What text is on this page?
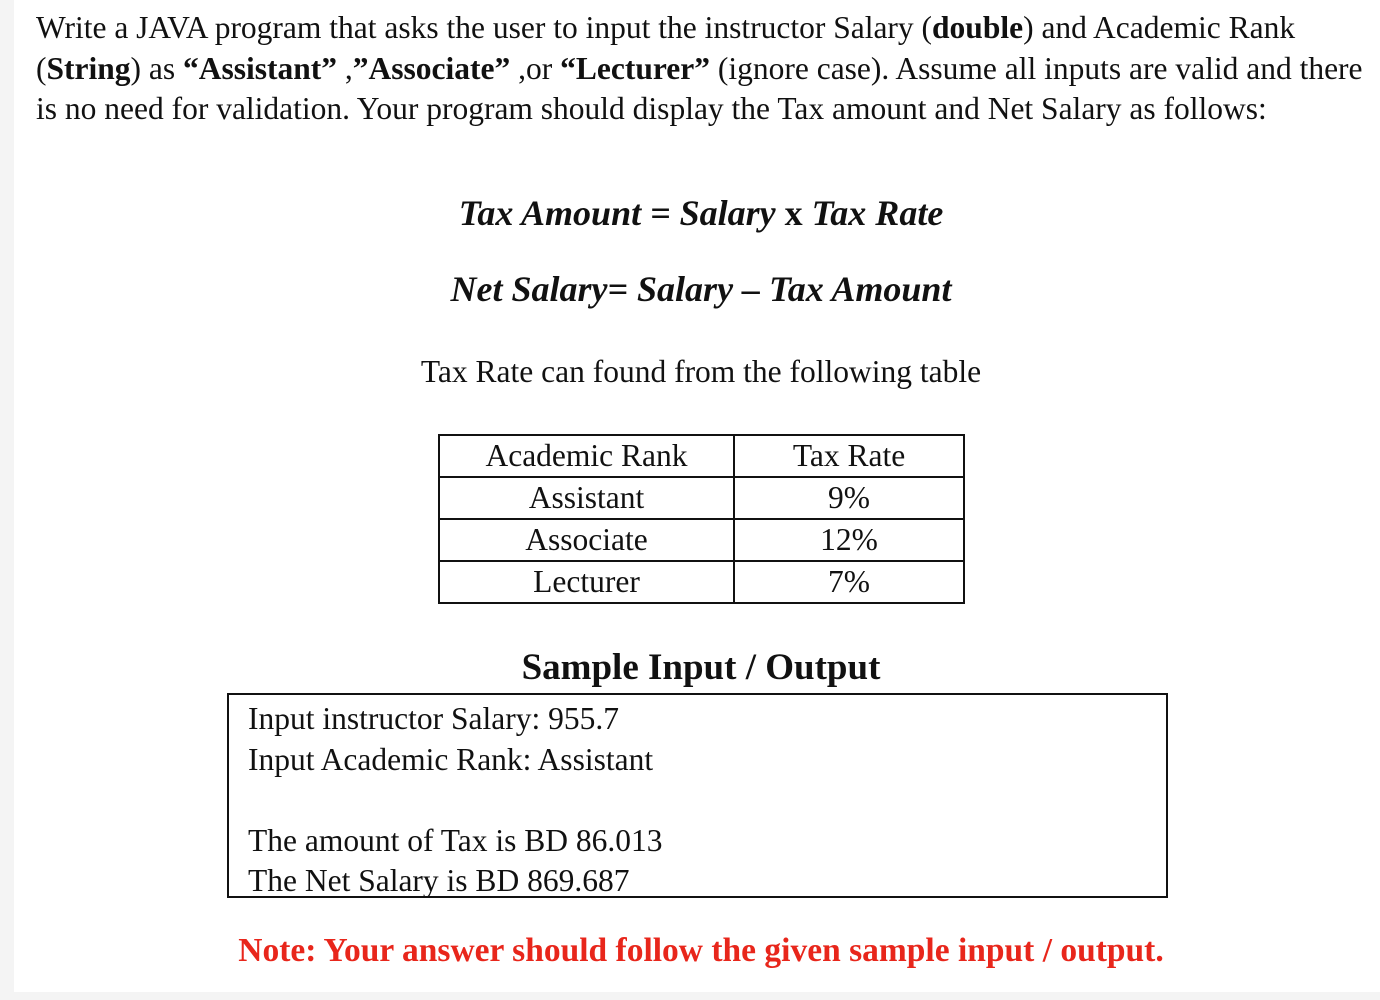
Write a JAVA program that asks the user to input the instructor Salary (double) and Academic Rank (String) as “Assistant” ,”Associate” ,or “Lecturer” (ignore case). Assume all inputs are valid and there is no need for validation. Your program should display the Tax amount and Net Salary as follows:

Tax Amount = Salary x Tax Rate

Net Salary= Salary – Tax Amount

Tax Rate can found from the following table

Academic Rank	Tax Rate
Assistant	9%
Associate	12%
Lecturer	7%

Sample Input / Output

Input instructor Salary: 955.7
Input Academic Rank: Assistant
The amount of Tax is BD 86.013
The Net Salary is BD 869.687

Note: Your answer should follow the given sample input / output.
